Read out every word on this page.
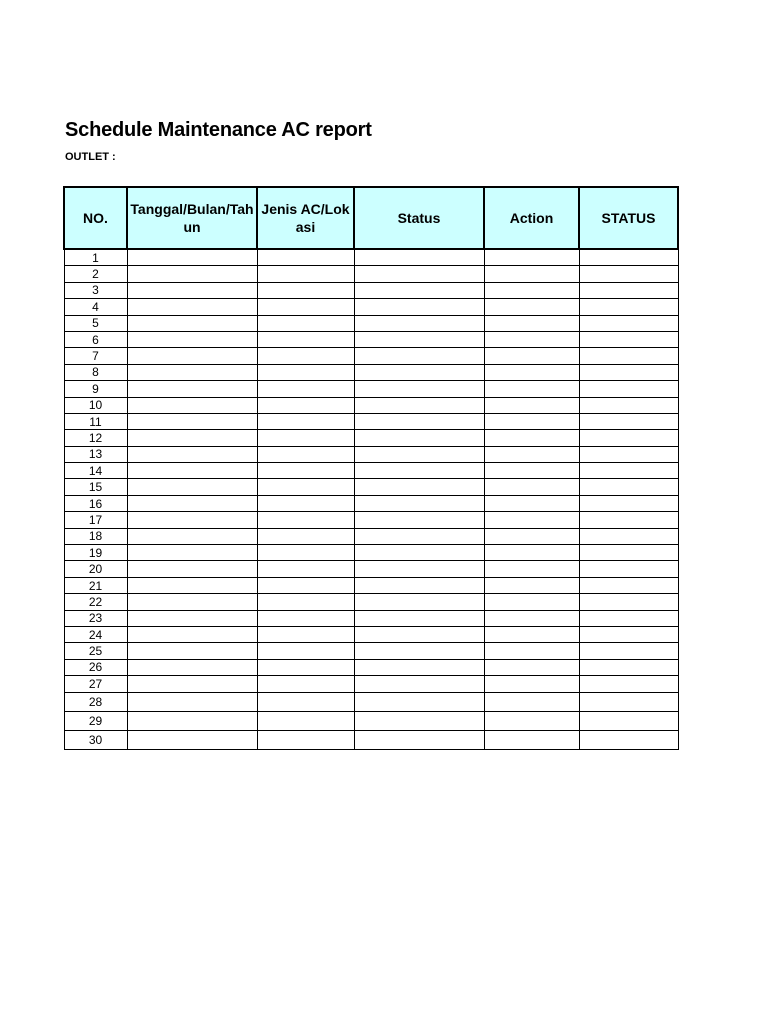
Schedule Maintenance AC report

OUTLET :

NO.	Tanggal/Bulan/Tahun	Jenis AC/Lokasi	Status	Action	STATUS
1					
2					
3					
4					
5					
6					
7					
8					
9					
10					
11					
12					
13					
14					
15					
16					
17					
18					
19					
20					
21					
22					
23					
24					
25					
26					
27					
28					
29					
30					
